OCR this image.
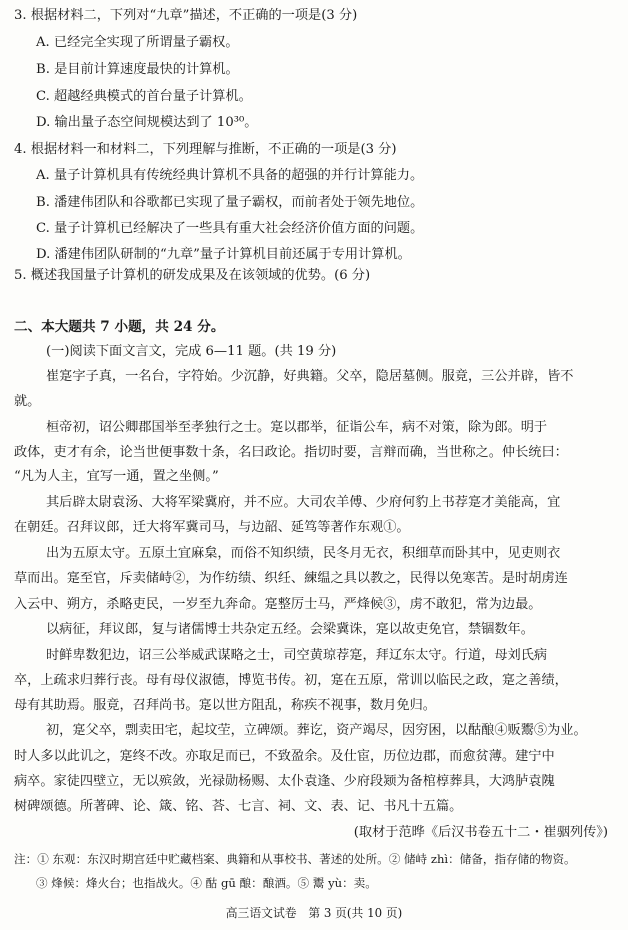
3. 根据材料二，下列对“九章”描述，不正确的一项是(3 分)
A. 已经完全实现了所谓量子霸权。
B. 是目前计算速度最快的计算机。
C. 超越经典模式的首台量子计算机。
D. 输出量子态空间规模达到了 10³⁰。
4. 根据材料一和材料二，下列理解与推断，不正确的一项是(3 分)
A. 量子计算机具有传统经典计算机不具备的超强的并行计算能力。
B. 潘建伟团队和谷歌都已实现了量子霸权，而前者处于领先地位。
C. 量子计算机已经解决了一些具有重大社会经济价值方面的问题。
D. 潘建伟团队研制的“九章”量子计算机目前还属于专用计算机。
5. 概述我国量子计算机的研发成果及在该领域的优势。(6 分)
二、本大题共 7 小题，共 24 分。
(一)阅读下面文言文，完成 6—11 题。(共 19 分)
崔寔字子真，一名台，字符始。少沉静，好典籍。父卒，隐居墓侧。服竟，三公并辟，皆不
就。
桓帝初，诏公卿郡国举至孝独行之士。寔以郡举，征诣公车，病不对策，除为郎。明于
政体，吏才有余，论当世便事数十条，名曰政论。指切时要，言辩而确，当世称之。仲长统曰：
“凡为人主，宜写一通，置之坐侧。”
其后辟太尉袁汤、大将军梁冀府，并不应。大司农羊傅、少府何豹上书荐寔才美能高，宜
在朝廷。召拜议郎，迁大将军冀司马，与边韶、延笃等著作东观①。
出为五原太守。五原土宜麻枲，而俗不知织绩，民冬月无衣，积细草而卧其中，见吏则衣
草而出。寔至官，斥卖储峙②，为作纺绩、织纴、練缊之具以教之，民得以免寒苦。是时胡虏连
入云中、朔方，杀略吏民，一岁至九奔命。寔整厉士马，严烽候③，虏不敢犯，常为边最。
以病征，拜议郎，复与诸儒博士共杂定五经。会梁冀诛，寔以故吏免官，禁锢数年。
时鲜卑数犯边，诏三公举威武谋略之士，司空黄琼荐寔，拜辽东太守。行道，母刘氏病
卒，上疏求归葬行丧。母有母仪淑德，博览书传。初，寔在五原，常训以临民之政，寔之善绩，
母有其助焉。服竟，召拜尚书。寔以世方阻乱，称疾不视事，数月免归。
初，寔父卒，剽卖田宅，起坟茔，立碑颂。葬讫，资产竭尽，因穷困，以酤酿④贩鬻⑤为业。
时人多以此讥之，寔终不改。亦取足而已，不致盈余。及仕宦，历位边郡，而愈贫薄。建宁中
病卒。家徒四壁立，无以殡敛，光禄勋杨赐、太仆袁逢、少府段颎为备棺椁葬具，大鸿胪袁隗
树碑颂德。所著碑、论、箴、铭、荅、七言、祠、文、表、记、书凡十五篇。
(取材于范晔《后汉书卷五十二・崔骃列传》)
注：① 东观：东汉时期宫廷中贮藏档案、典籍和从事校书、著述的处所。② 储峙 zhì：储备，指存储的物资。
③ 烽候：烽火台；也指战火。④ 酤 gū 酿：酿酒。⑤ 鬻 yù：卖。
高三语文试卷　第 3 页(共 10 页)
